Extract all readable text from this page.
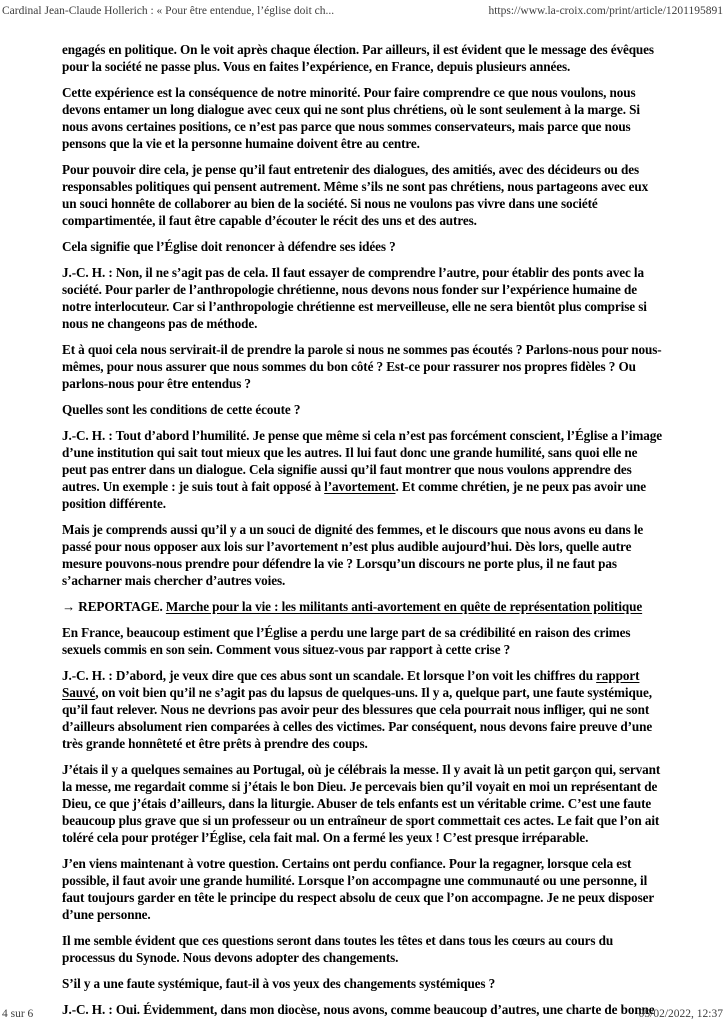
Cardinal Jean-Claude Hollerich : « Pour être entendue, l’église doit ch...	https://www.la-croix.com/print/article/1201195891

engagés en politique. On le voit après chaque élection. Par ailleurs, il est évident que le message des évêques pour la société ne passe plus. Vous en faites l’expérience, en France, depuis plusieurs années.

Cette expérience est la conséquence de notre minorité. Pour faire comprendre ce que nous voulons, nous devons entamer un long dialogue avec ceux qui ne sont plus chrétiens, où le sont seulement à la marge. Si nous avons certaines positions, ce n’est pas parce que nous sommes conservateurs, mais parce que nous pensons que la vie et la personne humaine doivent être au centre.

Pour pouvoir dire cela, je pense qu’il faut entretenir des dialogues, des amitiés, avec des décideurs ou des responsables politiques qui pensent autrement. Même s’ils ne sont pas chrétiens, nous partageons avec eux un souci honnête de collaborer au bien de la société. Si nous ne voulons pas vivre dans une société compartimentée, il faut être capable d’écouter le récit des uns et des autres.

Cela signifie que l’Église doit renoncer à défendre ses idées ?

J.-C. H. : Non, il ne s’agit pas de cela. Il faut essayer de comprendre l’autre, pour établir des ponts avec la société. Pour parler de l’anthropologie chrétienne, nous devons nous fonder sur l’expérience humaine de notre interlocuteur. Car si l’anthropologie chrétienne est merveilleuse, elle ne sera bientôt plus comprise si nous ne changeons pas de méthode.

Et à quoi cela nous servirait-il de prendre la parole si nous ne sommes pas écoutés ? Parlons-nous pour nous-mêmes, pour nous assurer que nous sommes du bon côté ? Est-ce pour rassurer nos propres fidèles ? Ou parlons-nous pour être entendus ?

Quelles sont les conditions de cette écoute ?

J.-C. H. : Tout d’abord l’humilité. Je pense que même si cela n’est pas forcément conscient, l’Église a l’image d’une institution qui sait tout mieux que les autres. Il lui faut donc une grande humilité, sans quoi elle ne peut pas entrer dans un dialogue. Cela signifie aussi qu’il faut montrer que nous voulons apprendre des autres. Un exemple : je suis tout à fait opposé à l’avortement. Et comme chrétien, je ne peux pas avoir une position différente.

Mais je comprends aussi qu’il y a un souci de dignité des femmes, et le discours que nous avons eu dans le passé pour nous opposer aux lois sur l’avortement n’est plus audible aujourd’hui. Dès lors, quelle autre mesure pouvons-nous prendre pour défendre la vie ? Lorsqu’un discours ne porte plus, il ne faut pas s’acharner mais chercher d’autres voies.

→ REPORTAGE. Marche pour la vie : les militants anti-avortement en quête de représentation politique

En France, beaucoup estiment que l’Église a perdu une large part de sa crédibilité en raison des crimes sexuels commis en son sein. Comment vous situez-vous par rapport à cette crise ?

J.-C. H. : D’abord, je veux dire que ces abus sont un scandale. Et lorsque l’on voit les chiffres du rapport Sauvé, on voit bien qu’il ne s’agit pas du lapsus de quelques-uns. Il y a, quelque part, une faute systémique, qu’il faut relever. Nous ne devrions pas avoir peur des blessures que cela pourrait nous infliger, qui ne sont d’ailleurs absolument rien comparées à celles des victimes. Par conséquent, nous devons faire preuve d’une très grande honnêteté et être prêts à prendre des coups.

J’étais il y a quelques semaines au Portugal, où je célébrais la messe. Il y avait là un petit garçon qui, servant la messe, me regardait comme si j’étais le bon Dieu. Je percevais bien qu’il voyait en moi un représentant de Dieu, ce que j’étais d’ailleurs, dans la liturgie. Abuser de tels enfants est un véritable crime. C’est une faute beaucoup plus grave que si un professeur ou un entraîneur de sport commettait ces actes. Le fait que l’on ait toléré cela pour protéger l’Église, cela fait mal. On a fermé les yeux ! C’est presque irréparable.

J’en viens maintenant à votre question. Certains ont perdu confiance. Pour la regagner, lorsque cela est possible, il faut avoir une grande humilité. Lorsque l’on accompagne une communauté ou une personne, il faut toujours garder en tête le principe du respect absolu de ceux que l’on accompagne. Je ne peux disposer d’une personne.

Il me semble évident que ces questions seront dans toutes les têtes et dans tous les cœurs au cours du processus du Synode. Nous devons adopter des changements.

S’il y a une faute systémique, faut-il à vos yeux des changements systémiques ?

J.-C. H. : Oui. Évidemment, dans mon diocèse, nous avons, comme beaucoup d’autres, une charte de bonne

4 sur 6	05/02/2022, 12:37
